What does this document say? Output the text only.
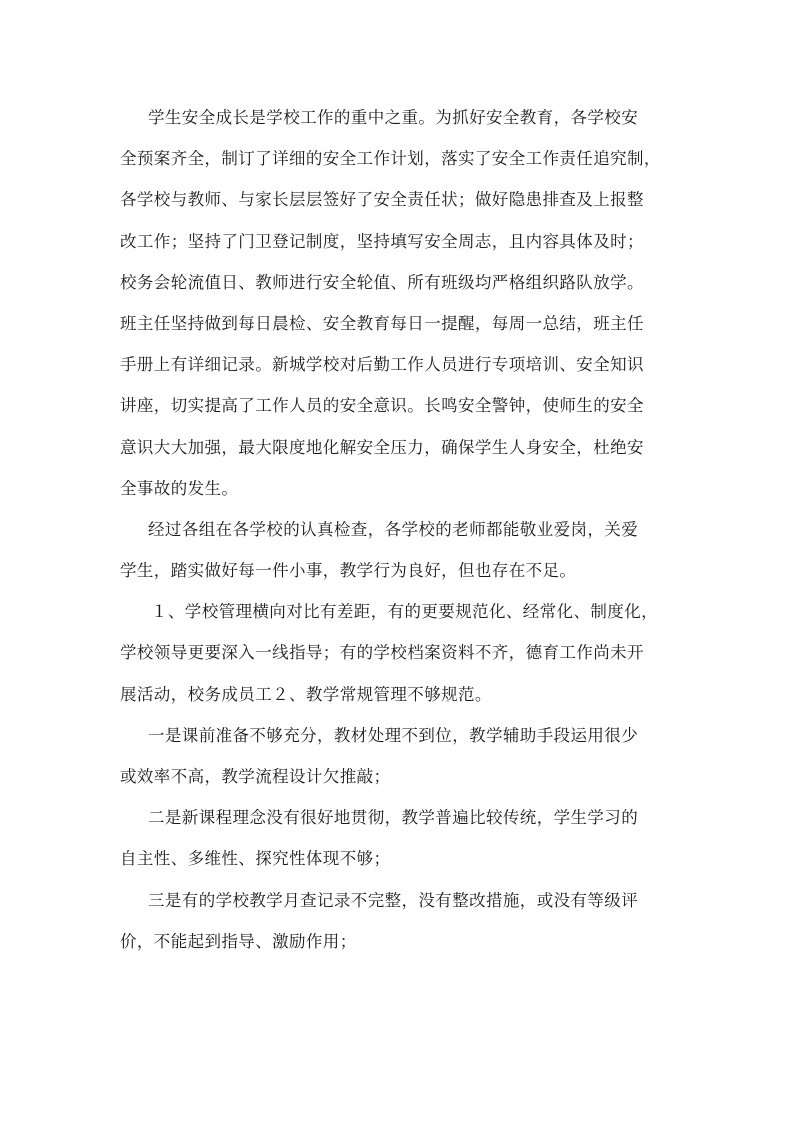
学生安全成长是学校工作的重中之重。为抓好安全教育，各学校安
全预案齐全，制订了详细的安全工作计划，落实了安全工作责任追究制，
各学校与教师、与家长层层签好了安全责任状；做好隐患排查及上报整
改工作；坚持了门卫登记制度，坚持填写安全周志，且内容具体及时；
校务会轮流值日、教师进行安全轮值、所有班级均严格组织路队放学。
班主任坚持做到每日晨检、安全教育每日一提醒，每周一总结，班主任
手册上有详细记录。新城学校对后勤工作人员进行专项培训、安全知识
讲座，切实提高了工作人员的安全意识。长鸣安全警钟，使师生的安全
意识大大加强，最大限度地化解安全压力，确保学生人身安全，杜绝安
全事故的发生。
经过各组在各学校的认真检查，各学校的老师都能敬业爱岗，关爱
学生，踏实做好每一件小事，教学行为良好，但也存在不足。
１、学校管理横向对比有差距，有的更要规范化、经常化、制度化，
学校领导更要深入一线指导；有的学校档案资料不齐，德育工作尚未开
展活动，校务成员工２、教学常规管理不够规范。
一是课前准备不够充分，教材处理不到位，教学辅助手段运用很少
或效率不高，教学流程设计欠推敲；
二是新课程理念没有很好地贯彻，教学普遍比较传统，学生学习的
自主性、多维性、探究性体现不够；
三是有的学校教学月查记录不完整，没有整改措施，或没有等级评
价，不能起到指导、激励作用；
